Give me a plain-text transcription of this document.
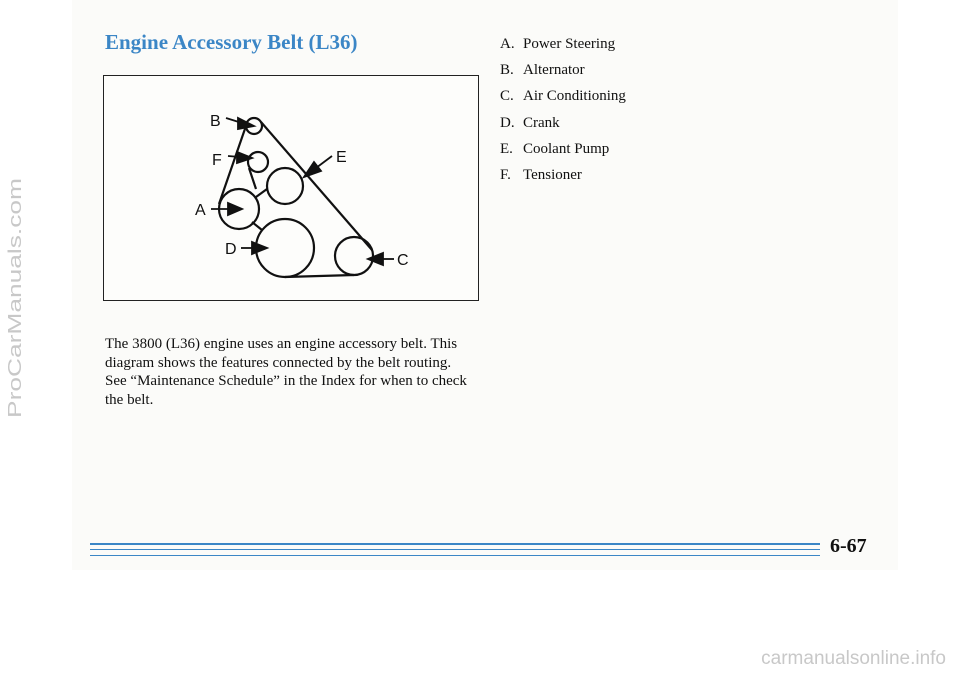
Engine Accessory Belt (L36)
B
F	E
A
D
C

The 3800 (L36) engine uses an engine accessory belt. This diagram shows the features connected by the belt routing. See “Maintenance Schedule” in the Index for when to check the belt.

A. Power Steering
B. Alternator
C. Air Conditioning
D. Crank
E. Coolant Pump
F. Tensioner
6-67
ProCarManuals.com
carmanualsonline.info
